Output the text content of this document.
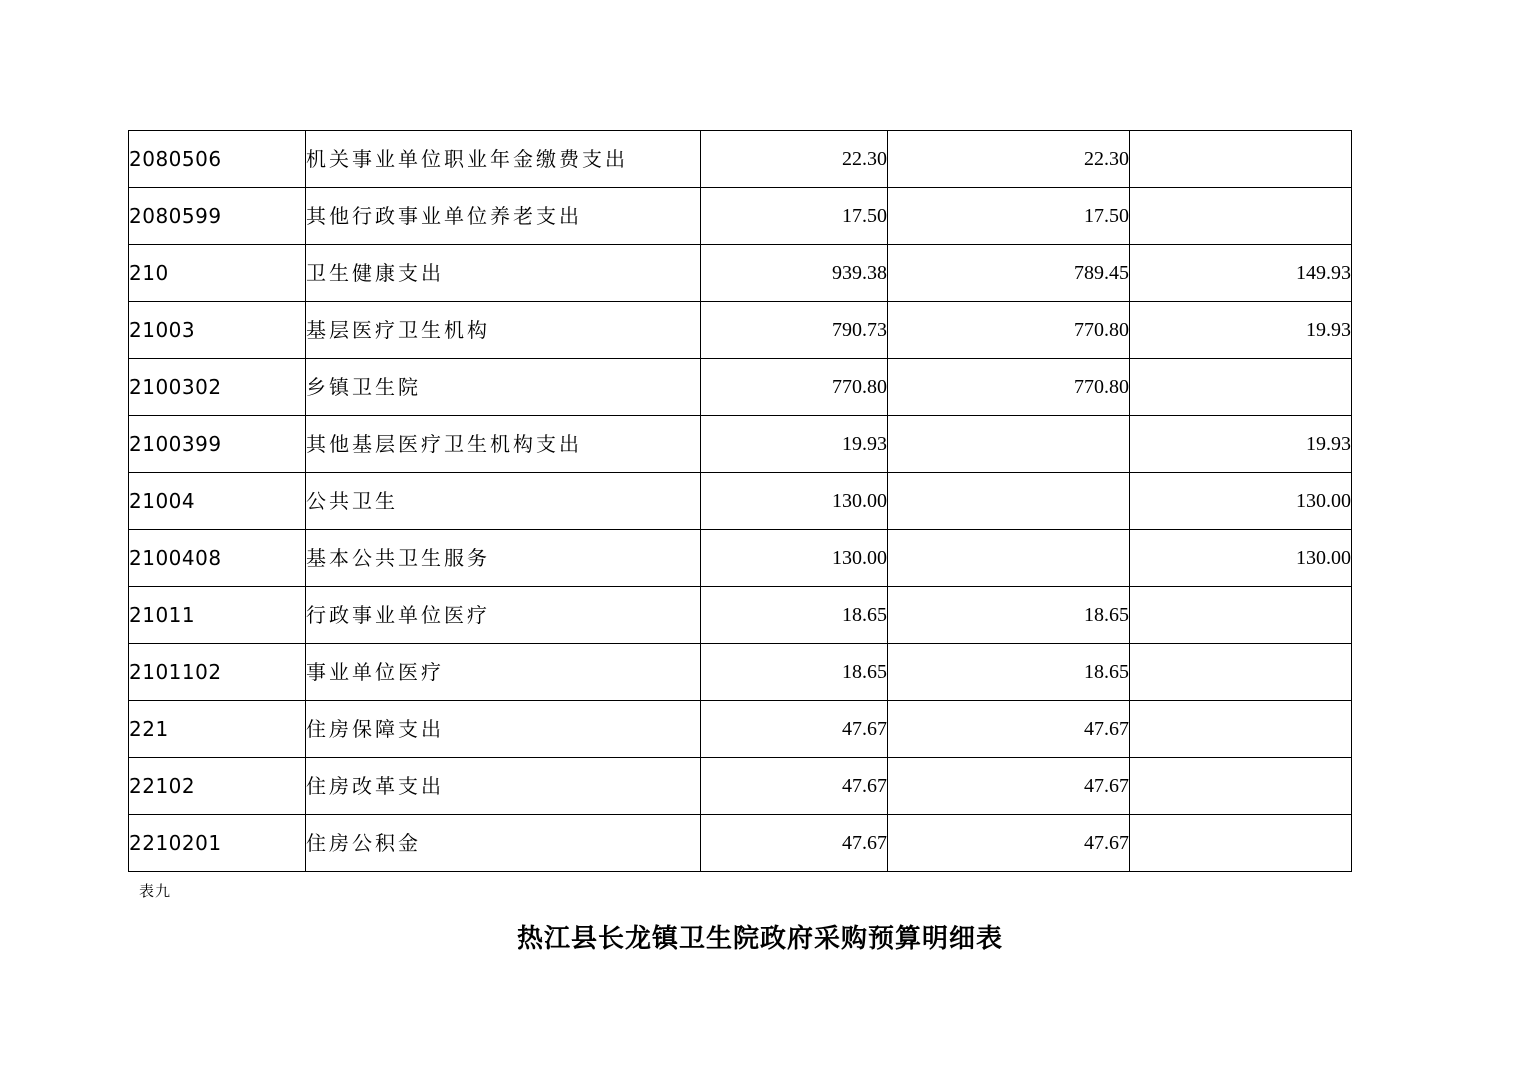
2080506	机关事业单位职业年金缴费支出	22.30	22.30	
2080599	其他行政事业单位养老支出	17.50	17.50	
210	卫生健康支出	939.38	789.45	149.93
21003	基层医疗卫生机构	790.73	770.80	19.93
2100302	乡镇卫生院	770.80	770.80	
2100399	其他基层医疗卫生机构支出	19.93		19.93
21004	公共卫生	130.00		130.00
2100408	基本公共卫生服务	130.00		130.00
21011	行政事业单位医疗	18.65	18.65	
2101102	事业单位医疗	18.65	18.65	
221	住房保障支出	47.67	47.67	
22102	住房改革支出	47.67	47.67	
2210201	住房公积金	47.67	47.67	
表九
热江县长龙镇卫生院政府采购预算明细表
